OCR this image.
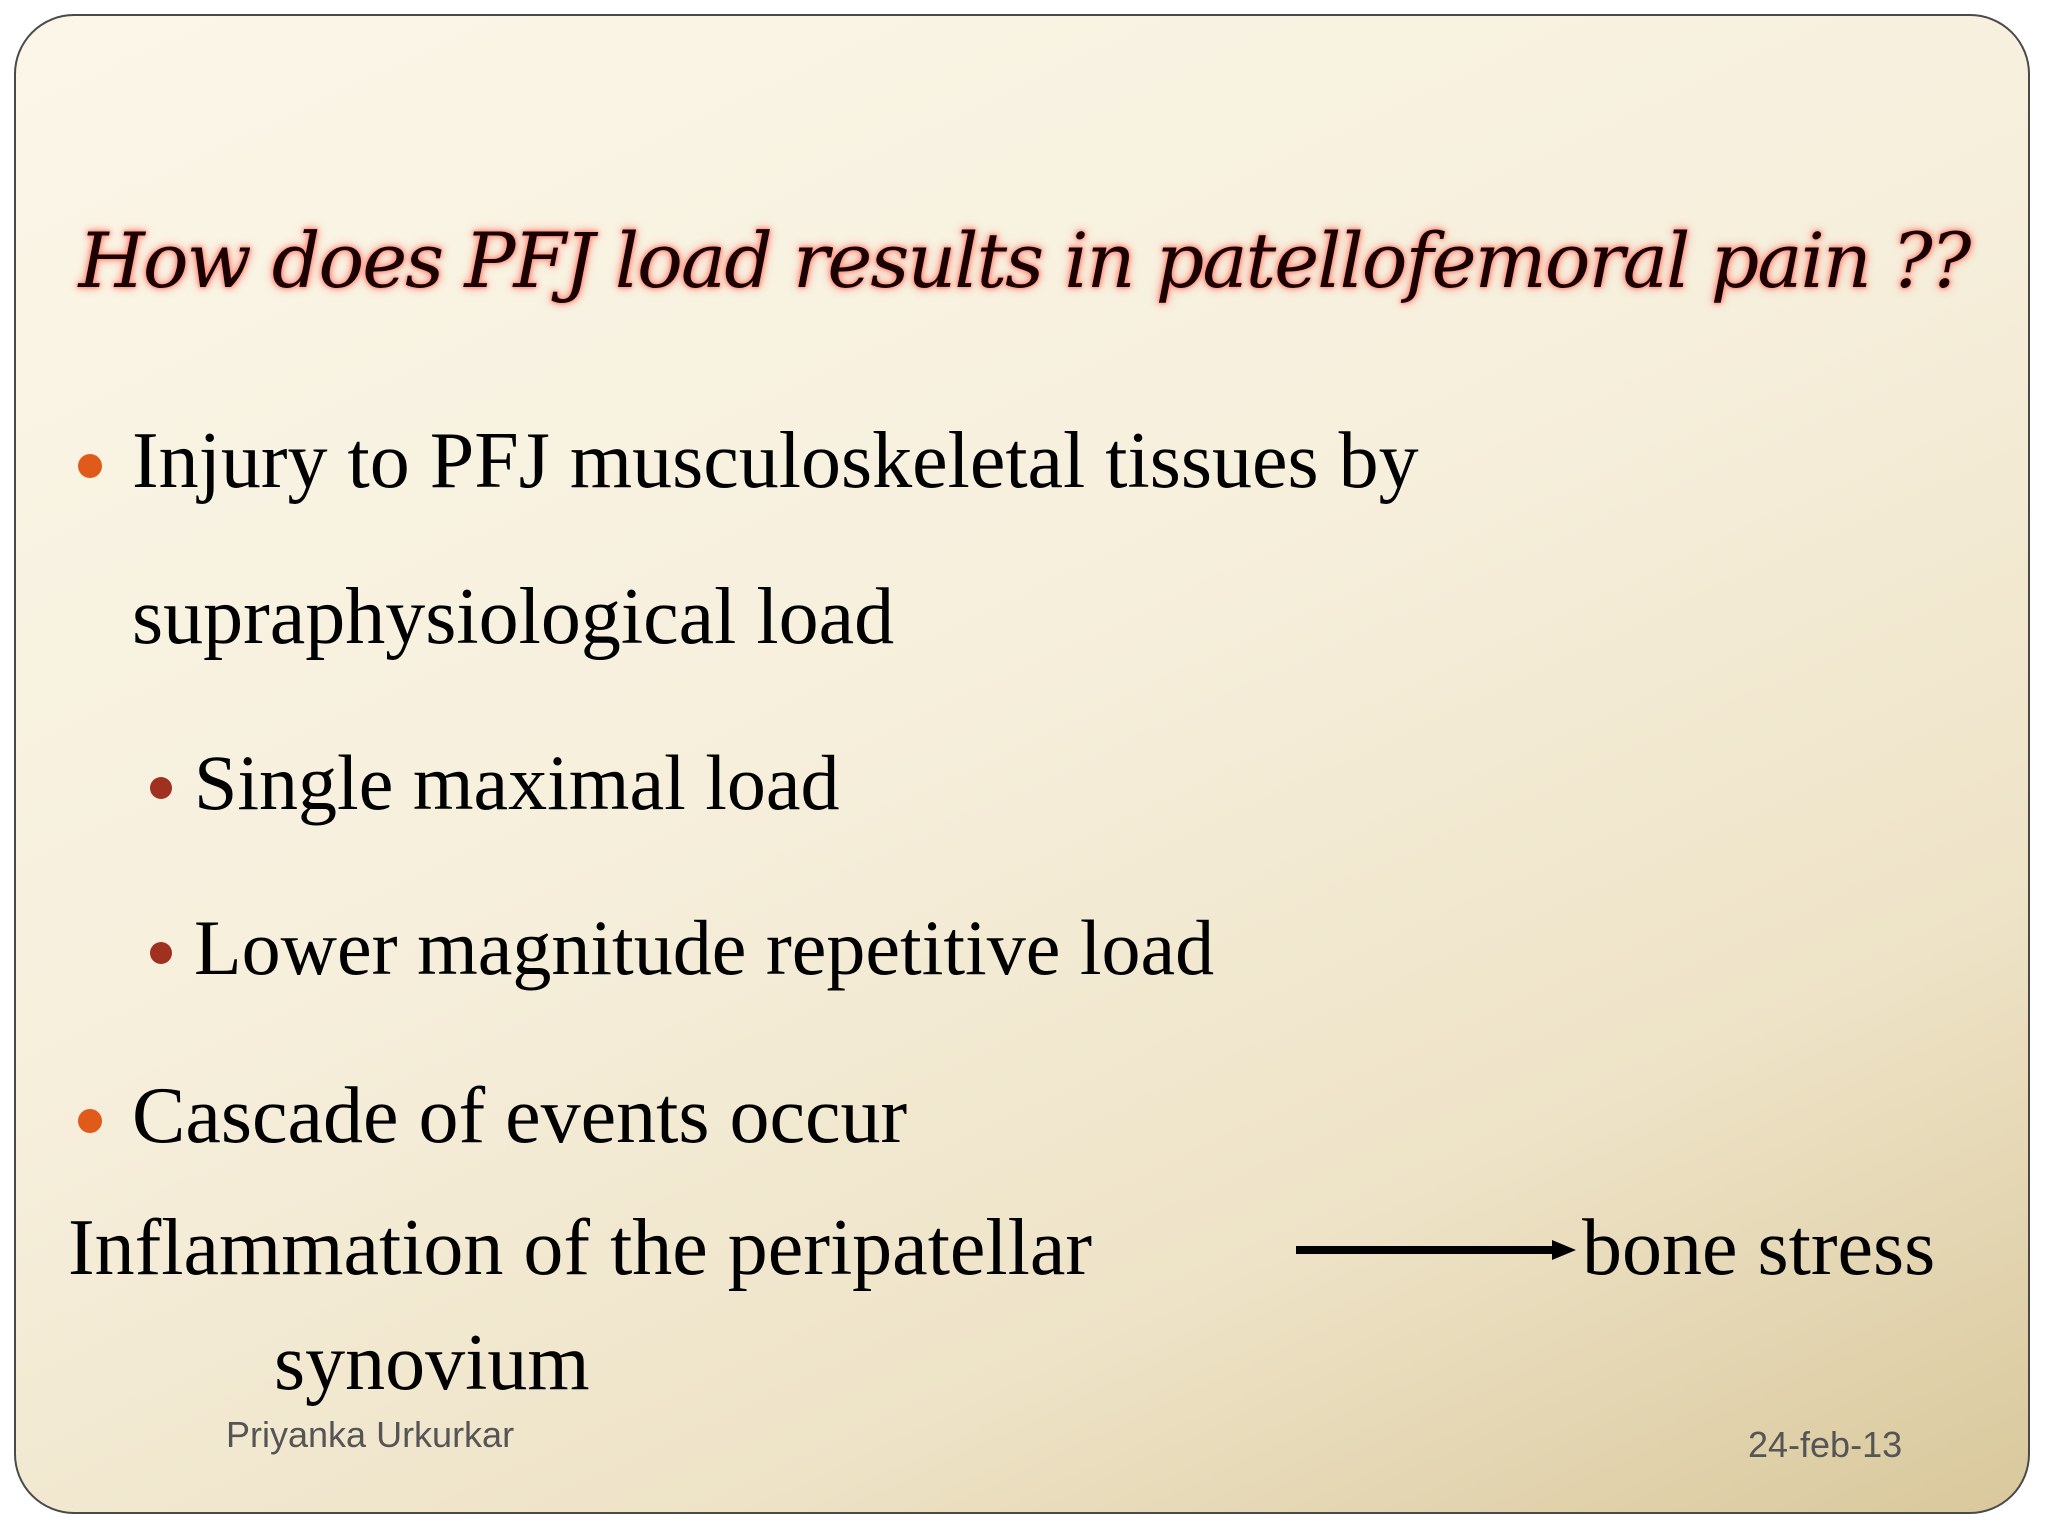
How does PFJ load results in patellofemoral pain ??
Injury to PFJ musculoskeletal tissues by
supraphysiological load
Single maximal load
Lower magnitude repetitive load
Cascade of events occur
Inflammation of the peripatellar
synovium
bone stress
Priyanka Urkurkar	24-feb-13
